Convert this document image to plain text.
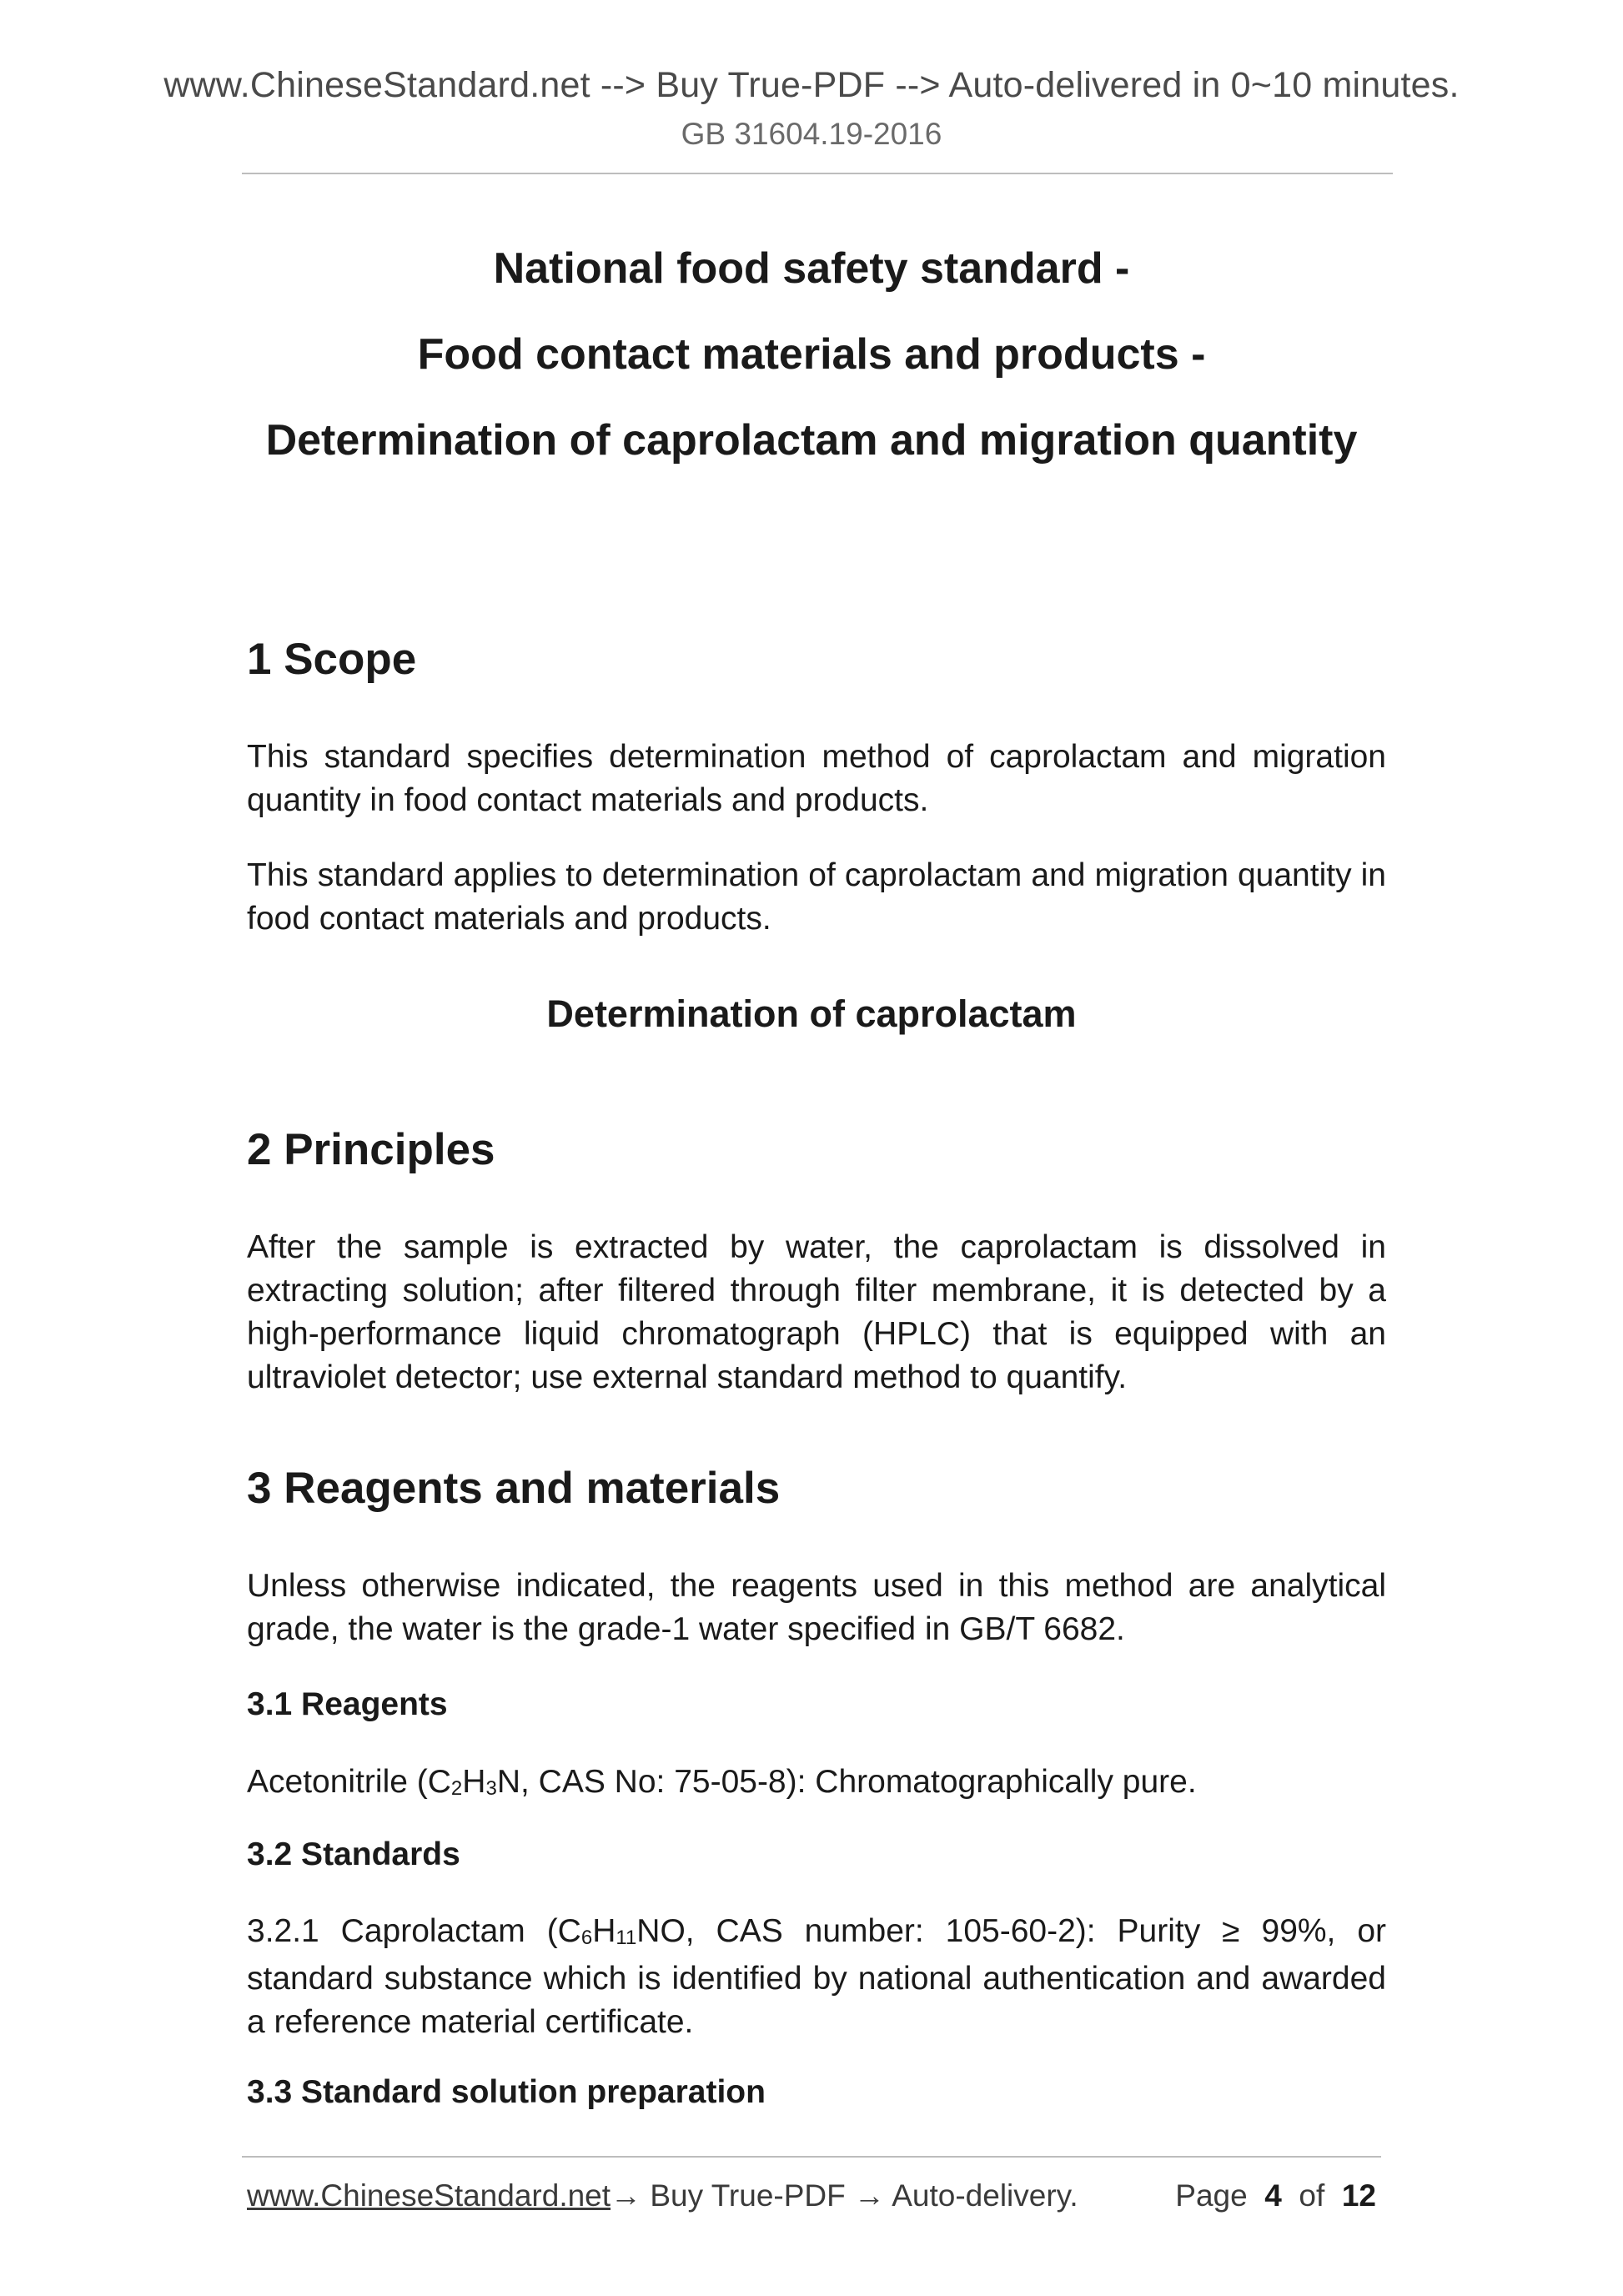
www.ChineseStandard.net --> Buy True-PDF --> Auto-delivered in 0~10 minutes.
GB 31604.19-2016
National food safety standard -
Food contact materials and products -
Determination of caprolactam and migration quantity
1 Scope
This standard specifies determination method of caprolactam and migration quantity in food contact materials and products.
This standard applies to determination of caprolactam and migration quantity in food contact materials and products.
Determination of caprolactam
2 Principles
After the sample is extracted by water, the caprolactam is dissolved in extracting solution; after filtered through filter membrane, it is detected by a high-performance liquid chromatograph (HPLC) that is equipped with an ultraviolet detector; use external standard method to quantify.
3 Reagents and materials
Unless otherwise indicated, the reagents used in this method are analytical grade, the water is the grade-1 water specified in GB/T 6682.
3.1 Reagents
Acetonitrile ($C_2H_3N$, CAS No: 75-05-8): Chromatographically pure.
3.2 Standards
3.2.1 Caprolactam ($C_6H_{11}NO$, CAS number: 105-60-2): Purity ≥ 99%, or standard substance which is identified by national authentication and awarded a reference material certificate.
3.3 Standard solution preparation
www.ChineseStandard.net→ Buy True-PDF → Auto-delivery.	Page 4 of 12
